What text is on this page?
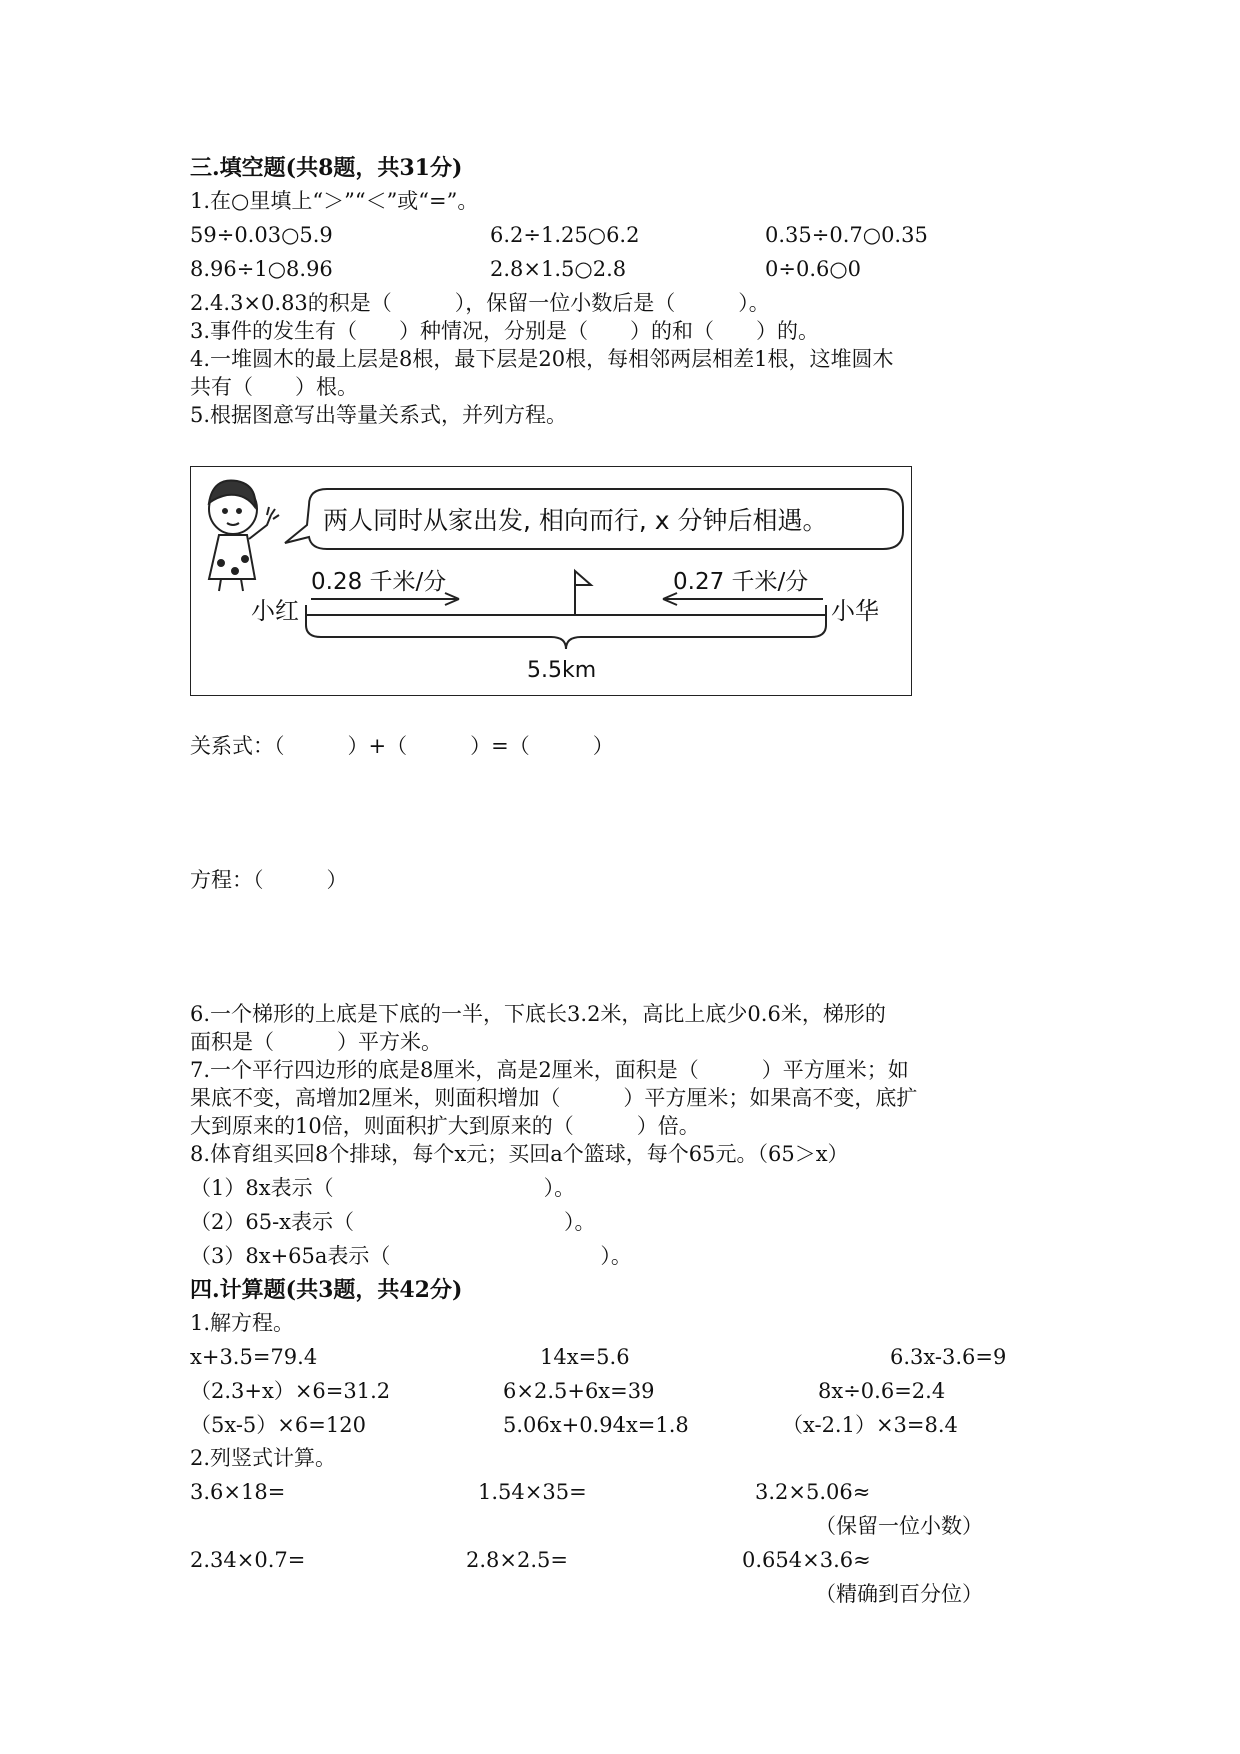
三.填空题(共8题，共31分)
1.在○里填上“＞”“＜”或“=”。
59÷0.03○5.9	6.2÷1.25○6.2	0.35÷0.7○0.35
8.96÷1○8.96	2.8×1.5○2.8	0÷0.6○0
2.4.3×0.83的积是（　　　），保留一位小数后是（　　　）。
3.事件的发生有（　　）种情况，分别是（　　）的和（　　）的。
4.一堆圆木的最上层是8根，最下层是20根，每相邻两层相差1根，这堆圆木
共有（　　）根。
5.根据图意写出等量关系式，并列方程。
两人同时从家出发, 相向而行, x 分钟后相遇。
0.28 千米/分	0.27 千米/分
小红	小华
5.5km
关系式：（　　　）+（　　　）=（　　　）
方程：（　　　）
6.一个梯形的上底是下底的一半，下底长3.2米，高比上底少0.6米，梯形的
面积是（　　　）平方米。
7.一个平行四边形的底是8厘米，高是2厘米，面积是（　　　）平方厘米；如
果底不变，高增加2厘米，则面积增加（　　　）平方厘米；如果高不变，底扩
大到原来的10倍，则面积扩大到原来的（　　　）倍。
8.体育组买回8个排球，每个x元；买回a个篮球，每个65元。（65＞x）
（1）8x表示（　　　　　　　　　　）。
（2）65-x表示（　　　　　　　　　　）。
（3）8x+65a表示（　　　　　　　　　　）。
四.计算题(共3题，共42分)
1.解方程。
x+3.5=79.4	14x=5.6	6.3x-3.6=9
（2.3+x）×6=31.2	6×2.5+6x=39	8x÷0.6=2.4
（5x-5）×6=120	5.06x+0.94x=1.8	（x-2.1）×3=8.4
2.列竖式计算。
3.6×18=	1.54×35=	3.2×5.06≈
（保留一位小数）
2.34×0.7=	2.8×2.5=	0.654×3.6≈
（精确到百分位）
